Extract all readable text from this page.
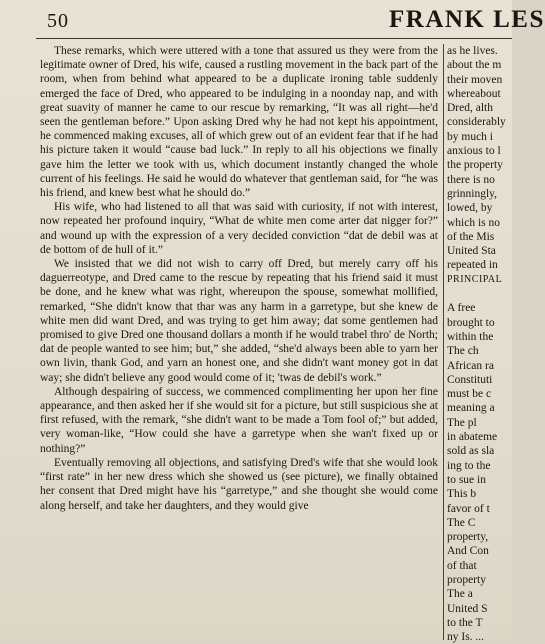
50	FRANK LES

These remarks, which were uttered with a tone that assured us they were from the legitimate owner of Dred, his wife, caused a rustling movement in the back part of the room, when from behind what appeared to be a duplicate ironing table suddenly emerged the face of Dred, who appeared to be indulging in a noonday nap, and with great suavity of manner he came to our rescue by remarking, “It was all right—he'd seen the gentleman before.” Upon asking Dred why he had not kept his appointment, he commenced making excuses, all of which grew out of an evident fear that if he had his picture taken it would “cause bad luck.” In reply to all his objections we finally gave him the letter we took with us, which document instantly changed the whole current of his feelings. He said he would do whatever that gentleman said, for “he was his friend, and knew best what he should do.”

His wife, who had listened to all that was said with curiosity, if not with interest, now repeated her profound inquiry, “What de white men come arter dat nigger for?” and wound up with the expression of a very decided conviction “dat de debil was at de bottom of de hull of it.”

We insisted that we did not wish to carry off Dred, but merely carry off his daguerreotype, and Dred came to the rescue by repeating that his friend said it must be done, and he knew what was right, whereupon the spouse, somewhat mollified, remarked, “She didn't know that thar was any harm in a garretype, but she knew de white men did want Dred, and was trying to get him away; dat some gentlemen had promised to give Dred one thousand dollars a month if he would trabel thro' de North; dat de people wanted to see him; but,” she added, “she'd always been able to yarn her own livin, thank God, and yarn an honest one, and she didn't want money got in dat way; she didn't believe any good would come of it; 'twas de debil's work.”

Although despairing of success, we commenced complimenting her upon her fine appearance, and then asked her if she would sit for a picture, but still suspicious she at first refused, with the remark, “she didn't want to be made a Tom fool of;” but added, very woman-like, “How could she have a garretype when she wan't fixed up or nothing?”

Eventually removing all objections, and satisfying Dred's wife that she would look “first rate” in her new dress which she showed us (see picture), we finally obtained her consent that Dred might have his “garretype,” and she thought she would come along herself, and take her daughters, and they would give

as he lives.
about the m
their moven
whereabout
Dred, alth
considerably
by much i
anxious to l
the property
there is no
grinningly,
lowed, by
which is no
of the Mis
United Sta
repeated in
PRINCIPAL

A free
brought to
within the
The ch
African ra
Constituti
must be c
meaning a
The pl
in abateme
sold as sla
ing to the
to sue in
This b
favor of t
The C
property,
And Con
of that
property
The a
United S
to the T
ny Is. ...
